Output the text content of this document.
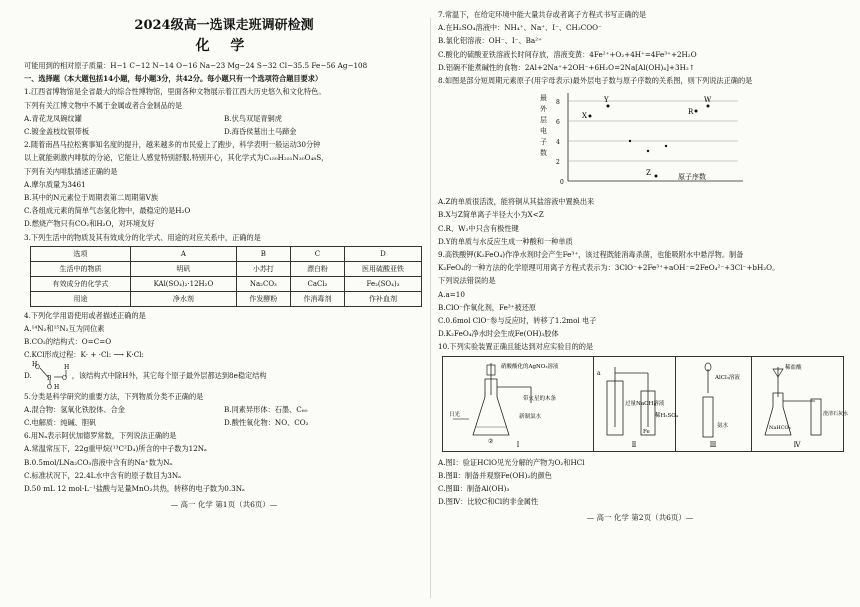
2024级高一选课走班调研检测
化 学
可能用到的相对原子质量：H−1 C−12 N−14 O−16 Na−23 Mg−24 S−32 Cl−35.5 Fe−56 Ag−108
一、选择题（本大题包括14小题，每小题3分，共42分。每小题只有一个选项符合题目要求）
1.江西省博物馆是全省最大的综合性博物馆，里面各种文物展示着江西大历史悠久和文化特色。
下列有关江博文物中不属于金属或者合金制品的是
A.青花龙凤碗纹罐	B.伏鸟双尾青铜虎
C.镀金盖枝纹银带板	D.海昏侯墓出土马蹄金
2.随着南昌马拉松赛事知名度的提升，越来越多的市民爱上了跑步，科学表明一般运动30分钟
以上就能刺激内啡肽的分泌，它能让人感觉特别舒服,特别开心，其化学式为C₁₅₀H₂₅₁N₃₀O₄₈S，
下列有关内啡肽描述正确的是
A.摩尔质量为3461
B.其中的N元素位于周期表第二周期第Ⅴ族
C.各组成元素的简单气态氢化物中，最稳定的是H₂O
D.燃烧产物只有CO₂和H₂O，对环境友好
3.下列生活中的物质及其有效成分的化学式、用途的对应关系中，正确的是
选项	A	B	C	D
生活中的物质	明矾	小苏打	漂白粉	医用硫酸亚铁
有效成分的化学式	KAl(SO₄)₂·12H₂O	Na₂CO₃	CaCl₂	Fe₂(SO₄)₃
用途	净水剂	作发酵粉	作消毒剂	作补血剂
4.下列化学用语使用或者描述正确的是
A.¹⁴N₂和¹⁵N₂互为同位素
B.CO₂的结构式：O=C=O
C.KCl形成过程：K· + ·Cl: ⟶ K·Cl:
D.
O
H
B O
H
O H
，该结构式中除H外，其它每个原子最外层都达到8e稳定结构
5.分类是科学研究的重要方法，下列物质分类不正确的是
A.混合物：氢氧化铁胶体、合金	B.同素异形体：石墨、C₆₀
C.电解质：纯碱、胆矾	D.酸性氧化物：NO、CO₂
6.用Nₐ表示阿伏加德罗常数，下列说法正确的是
A.常温常压下，22g重甲烷(¹³C²D₄)所含的中子数为12Nₐ
B.0.5mol/LNa₂CO₃溶液中含有的Na⁺数为Nₐ
C.标准状况下，22.4L水中含有的原子数目为3Nₐ
D.50 mL 12 mol·L⁻¹盐酸与足量MnO₂共热，转移的电子数为0.3Nₐ
— 高一 化学 第1页（共6页）—
7.常温下，在给定环境中能大量共存或者离子方程式书写正确的是
A.在H₂SO₄溶液中：NH₄⁺、Na⁺、I⁻、CH₃COO⁻
B.氯化铝溶液：OH⁻、I⁻、Ba²⁺
C.酸化的硫酸亚铁溶液长时间存放，溶液变黄：4Fe²⁺+O₂+4H⁺=4Fe³⁺+2H₂O
D.铝碗不能煮碱性的食物：2Al+2Na⁺+2OH⁻+6H₂O=2Na[Al(OH)₄]+3H₂↑
8.如图是部分短周期元素原子(用字母表示)最外层电子数与原子序数的关系图，则下列说法正确的是
8
6
4
2
0
Y
X
W
R
Z	原子序数
最外层电子数
A.Z的单质很活泼，能将铜从其盐溶液中置换出来
B.X与Z简单离子半径大小为X<Z
C.R、W₂中只含有极性键
D.Y的单质与水反应生成一种酸和一种单质
9.高铁酸钾(K₂FeO₄)作净水剂时会产生Fe³⁺，该过程既能消毒杀菌，也能吸附水中悬浮物。制备
K₂FeO₄的一种方法的化学原理可用离子方程式表示为：3ClO⁻+2Fe³⁺+aOH⁻=2FeO₄²⁻+3Cl⁻+bH₂O。
下列说法错误的是
A.a=10
B.ClO⁻作氧化剂，Fe³⁺被还原
C.0.6mol ClO⁻参与反应时，转移了1.2mol 电子
D.K₂FeO₄净水时会生成Fe(OH)₃胶体
10.下列实验装置正确且能达到对应实验目的的是
硝酸酸化的AgNO₃溶液
带火星的木条
新制氯水
日光
②	Ⅰ
a
过量NaOH溶液
Fe
稀H₂SO₄
Ⅱ
AlCl₃溶液
氨水
Ⅲ
稀盐酸
NaHCO₃
澄清石灰水
Ⅳ
A.图Ⅰ：验证HClO见光分解的产物为O₂和HCl
B.图Ⅱ：制备并观察Fe(OH)₂的颜色
C.图Ⅲ：制备Al(OH)₃
D.图Ⅳ：比较C和Cl的非金属性
— 高一 化学 第2页（共6页）—
